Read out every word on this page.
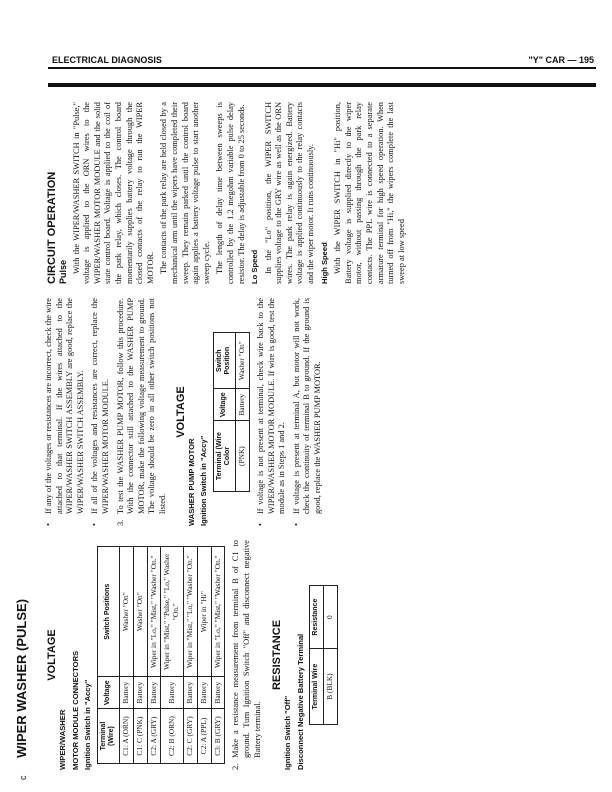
ELECTRICAL DIAGNOSIS	"Y" CAR — 195
c WIPER WASHER (PULSE) VOLTAGE

WIPER/WASHER MOTOR MODULE CONNECTORS Ignition Switch in "Accy" Terminal (Wire)	Voltage	Switch Positions
C1: A (ORN)	Battery	Washer "On"
C1: C (PNK)	Battery	Washer "On"
C2: A (GRY)	Battery	Wiper in "Lo," "Mist," "Washer "On."
C2: B (ORN)	Battery	Wiper in "Mist," "Pulse," "Lo," Washer "On."
C2: C (GRY)	Battery	Wiper in "Mist," "Lo," "Washer "On."
C2: A (PPL)	Battery	Wiper in "Hi"
C3: B (GRY)	Battery	Wiper in "Lo," "Mist," "Washer "On."
2.
Make a resistance measurement from terminal B of C1 to ground. Turn Ignition Switch "Off" and disconnect negative Battery terminal.
RESISTANCE

Ignition Switch "Off" Disconnect Negative Battery Terminal Terminal Wire	Resistance
B (BLK)	0
•
If any of the voltages or resistances are incorrect, check the wire attached to that terminal. If the wires attached to the WIPER/WASHER SWITCH ASSEMBLY are good, replace the WIPER/WASHER SWITCH ASSEMBLY.
•
If all of the voltages and resistances are correct, replace the WIPER/WASHER MOTOR MODULE.
3.
To test the WASHER PUMP MOTOR, follow this procedure. With the connector still attached to the WASHER PUMP MOTOR, make the following voltage measurement to ground. The voltage should be zero in all other switch positions not listed.
VOLTAGE

WASHER PUMP MOTOR Ignition Switch in "Accy" Terminal (Wire Color	Voltage	Switch Position
(PNK)	Battery	Washer "On"
•
If voltage is not present at terminal, check wire back to the WIPER/WASHER MOTOR MODULE. If wire is good, test the module as in Steps 1 and 2.
•
If voltage is present at terminal A, but motor will not work, check the continuity of terminal B to ground. If the ground is good, replace the WASHER PUMP MOTOR.
CIRCUIT OPERATION Pulse With the WIPER/WASHER SWITCH in "Pulse," voltage is applied to the ORN wires to the WIPER/WASHER MOTOR MODULE and the solid state control board. Voltage is applied to the coil of the park relay, which closes. The control board momentarily supplies battery voltage through the closed contacts of the relay to run the WIPER MOTOR. The contacts of the park relay are held closed by a mechanical arm until the wipers have completed their sweep. They remain parked until the control board again applies a battery voltage pulse to start another sweep cycle. The length of delay time between sweeps is controlled by the 1.2 megohm variable pulse delay resistor. The delay is adjustable from 0 to 25 seconds. Lo Speed In the "Lo" position, the WIPER SWITCH supplies voltage to the GRY wire as well as the ORN wires. The park relay is again energized. Battery voltage is applied continuously to the relay contacts and the wiper motor. It runs continuously. High Speed With the WIPER SWITCH in "Hi" position, Battery voltage is supplied directly to the wiper motor, without passing through the park relay contacts. The PPL wire is connected to a separate armature terminal for high speed operation. When turned off from "Hi," the wipers complete the last sweep at low speed
